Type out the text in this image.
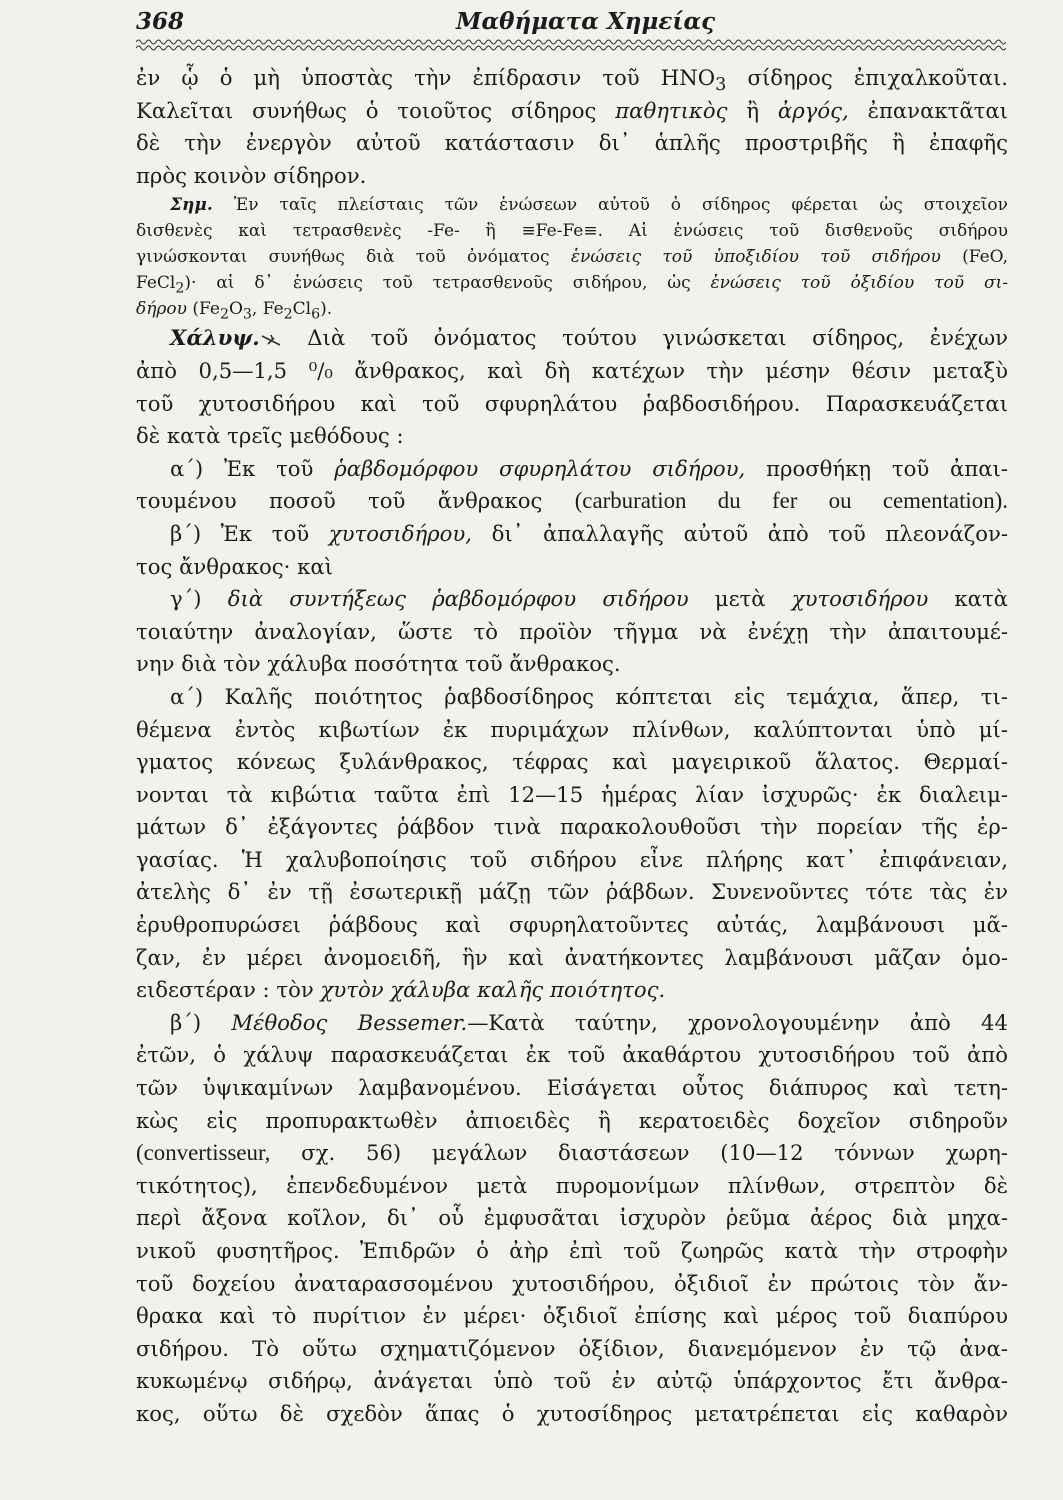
368	Μαθήματα Χημείας
ἐν ᾧ ὁ μὴ ὑποστὰς τὴν ἐπίδρασιν τοῦ $HNO_3$ σίδηρος ἐπιχαλκοῦται.
Καλεῖται συνήθως ὁ τοιοῦτος σίδηρος παθητικὸς ἢ ἀργός, ἐπανακτᾶται
δὲ τὴν ἐνεργὸν αὐτοῦ κατάστασιν δι᾽ ἁπλῆς προστριβῆς ἢ ἐπαφῆς
πρὸς κοινὸν σίδηρον.
Σημ. Ἐν ταῖς πλείσταις τῶν ἑνώσεων αὐτοῦ ὁ σίδηρος φέρεται ὡς στοιχεῖον
δισθενὲς καὶ τετρασθενὲς -Fe- ἢ ≡Fe-Fe≡. Αἱ ἑνώσεις τοῦ δισθενοῦς σιδήρου
γινώσκονται συνήθως διὰ τοῦ ὀνόματος ἑνώσεις τοῦ ὑποξιδίου τοῦ σιδήρου (FeO,
FeCl$_2$)· αἱ δ᾽ ἑνώσεις τοῦ τετρασθενοῦς σιδήρου, ὡς ἑνώσεις τοῦ ὀξιδίου τοῦ σι-
δήρου ($Fe_2O_3$, $Fe_2Cl_6$).
Χάλυψ. Διὰ τοῦ ὀνόματος τούτου γινώσκεται σίδηρος, ἐνέχων
ἀπὸ 0,5—1,5 ⁰/₀ ἄνθρακος, καὶ δὴ κατέχων τὴν μέσην θέσιν μεταξὺ
τοῦ χυτοσιδήρου καὶ τοῦ σφυρηλάτου ῥαβδοσιδήρου. Παρασκευάζεται
δὲ κατὰ τρεῖς μεθόδους :
α´) Ἐκ τοῦ ῥαβδομόρφου σφυρηλάτου σιδήρου, προσθήκῃ τοῦ ἀπαι-
τουμένου ποσοῦ τοῦ ἄνθρακος (carburation du fer ou cementation).
β´) Ἐκ τοῦ χυτοσιδήρου, δι᾽ ἀπαλλαγῆς αὐτοῦ ἀπὸ τοῦ πλεονάζον-
τος ἄνθρακος· καὶ
γ´) διὰ συντήξεως ῥαβδομόρφου σιδήρου μετὰ χυτοσιδήρου κατὰ
τοιαύτην ἀναλογίαν, ὥστε τὸ προϊὸν τῆγμα νὰ ἐνέχῃ τὴν ἀπαιτουμέ-
νην διὰ τὸν χάλυβα ποσότητα τοῦ ἄνθρακος.
α´) Καλῆς ποιότητος ῥαβδοσίδηρος κόπτεται εἰς τεμάχια, ἅπερ, τι-
θέμενα ἐντὸς κιβωτίων ἐκ πυριμάχων πλίνθων, καλύπτονται ὑπὸ μί-
γματος κόνεως ξυλάνθρακος, τέφρας καὶ μαγειρικοῦ ἅλατος. Θερμαί-
νονται τὰ κιβώτια ταῦτα ἐπὶ 12—15 ἡμέρας λίαν ἰσχυρῶς· ἐκ διαλειμ-
μάτων δ᾽ ἐξάγοντες ῥάβδον τινὰ παρακολουθοῦσι τὴν πορείαν τῆς ἐρ-
γασίας. Ἡ χαλυβοποίησις τοῦ σιδήρου εἶνε πλήρης κατ᾽ ἐπιφάνειαν,
ἀτελὴς δ᾽ ἐν τῇ ἐσωτερικῇ μάζῃ τῶν ῥάβδων. Συνενοῦντες τότε τὰς ἐν
ἐρυθροπυρώσει ῥάβδους καὶ σφυρηλατοῦντες αὐτάς, λαμβάνουσι μᾶ-
ζαν, ἐν μέρει ἀνομοειδῆ, ἣν καὶ ἀνατήκοντες λαμβάνουσι μᾶζαν ὁμο-
ειδεστέραν : τὸν χυτὸν χάλυβα καλῆς ποιότητος.
β´) Μέθοδος Bessemer.—Κατὰ ταύτην, χρονολογουμένην ἀπὸ 44
ἐτῶν, ὁ χάλυψ παρασκευάζεται ἐκ τοῦ ἀκαθάρτου χυτοσιδήρου τοῦ ἀπὸ
τῶν ὑψικαμίνων λαμβανομένου. Εἰσάγεται οὗτος διάπυρος καὶ τετη-
κὼς εἰς προπυρακτωθὲν ἀπιοειδὲς ἢ κερατοειδὲς δοχεῖον σιδηροῦν
(convertisseur, σχ. 56) μεγάλων διαστάσεων (10—12 τόννων χωρη-
τικότητος), ἐπενδεδυμένον μετὰ πυρομονίμων πλίνθων, στρεπτὸν δὲ
περὶ ἄξονα κοῖλον, δι᾽ οὗ ἐμφυσᾶται ἰσχυρὸν ῥεῦμα ἀέρος διὰ μηχα-
νικοῦ φυσητῆρος. Ἐπιδρῶν ὁ ἀὴρ ἐπὶ τοῦ ζωηρῶς κατὰ τὴν στροφὴν
τοῦ δοχείου ἀναταρασσομένου χυτοσιδήρου, ὀξιδιοῖ ἐν πρώτοις τὸν ἄν-
θρακα καὶ τὸ πυρίτιον ἐν μέρει· ὀξιδιοῖ ἐπίσης καὶ μέρος τοῦ διαπύρου
σιδήρου. Τὸ οὕτω σχηματιζόμενον ὀξίδιον, διανεμόμενον ἐν τῷ ἀνα-
κυκωμένῳ σιδήρῳ, ἀνάγεται ὑπὸ τοῦ ἐν αὐτῷ ὑπάρχοντος ἔτι ἄνθρα-
κος, οὕτω δὲ σχεδὸν ἅπας ὁ χυτοσίδηρος μετατρέπεται εἰς καθαρὸν
